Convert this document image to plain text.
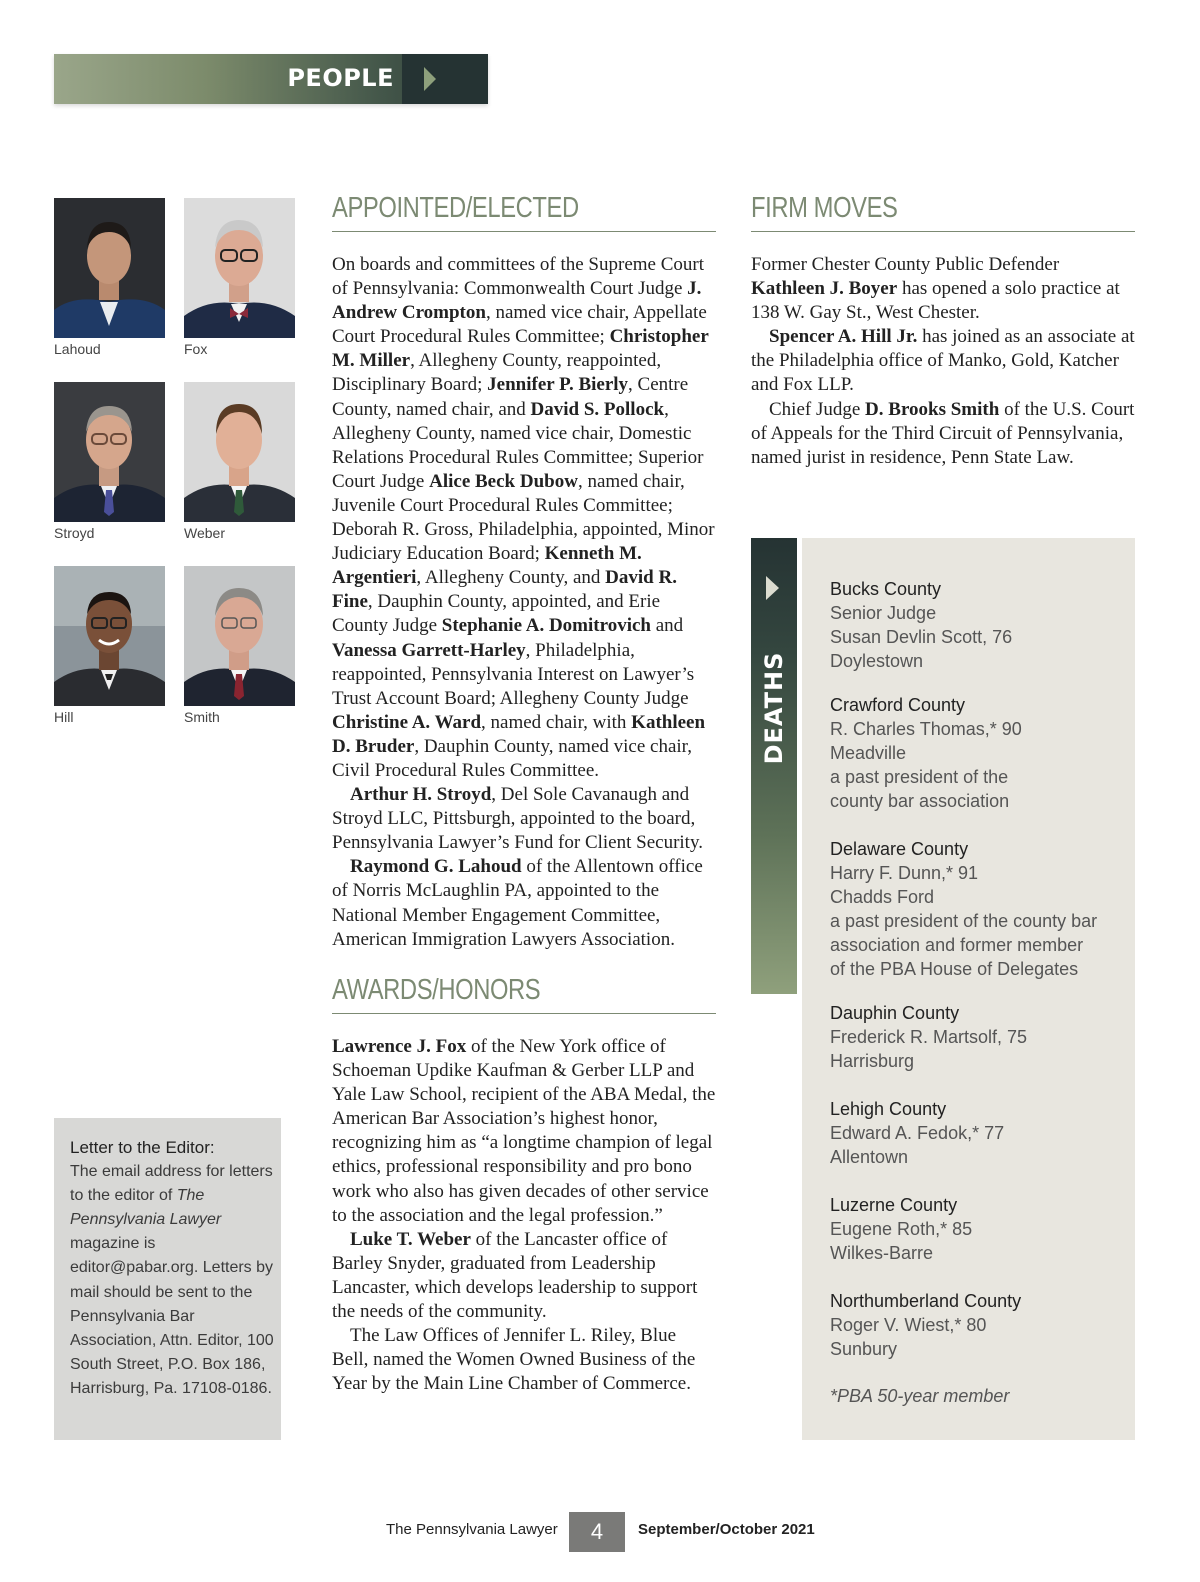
PEOPLE
Lahoud	Fox
Stroyd	Weber
Hill	Smith
APPOINTED/ELECTED

On boards and committees of the Supreme Court of Pennsylvania: Commonwealth Court Judge J. Andrew Crompton, named vice chair, Appellate Court Procedural Rules Committee; Christopher M. Miller, Allegheny County, reappointed, Disciplinary Board; Jennifer P. Bierly, Centre County, named chair, and David S. Pollock, Allegheny County, named vice chair, Domestic Relations Procedural Rules Committee; Superior Court Judge Alice Beck Dubow, named chair, Juvenile Court Procedural Rules Committee; Deborah R. Gross, Philadelphia, appointed, Minor Judiciary Education Board; Kenneth M. Argentieri, Allegheny County, and David R. Fine, Dauphin County, appointed, and Erie County Judge Stephanie A. Domitrovich and Vanessa Garrett-Harley, Philadelphia, reappointed, Pennsylvania Interest on Lawyer’s Trust Account Board; Allegheny County Judge Christine A. Ward, named chair, with Kathleen D. Bruder, Dauphin County, named vice chair, Civil Procedural Rules Committee.

Arthur H. Stroyd, Del Sole Cavanaugh and Stroyd LLC, Pittsburgh, appointed to the board, Pennsylvania Lawyer’s Fund for Client Security.

Raymond G. Lahoud of the Allentown office of Norris McLaughlin PA, appointed to the National Member Engagement Committee, American Immigration Lawyers Association.

AWARDS/HONORS

Lawrence J. Fox of the New York office of Schoeman Updike Kaufman & Gerber LLP and Yale Law School, recipient of the ABA Medal, the American Bar Association’s highest honor, recognizing him as “a longtime champion of legal ethics, professional responsibility and pro bono work who also has given decades of other service to the association and the legal profession.”

Luke T. Weber of the Lancaster office of Barley Snyder, graduated from Leadership Lancaster, which develops leadership to support the needs of the community.

The Law Offices of Jennifer L. Riley, Blue Bell, named the Women Owned Business of the Year by the Main Line Chamber of Commerce.

FIRM MOVES

Former Chester County Public Defender Kathleen J. Boyer has opened a solo practice at 138 W. Gay St., West Chester.

Spencer A. Hill Jr. has joined as an associate at the Philadelphia office of Manko, Gold, Katcher and Fox LLP.

Chief Judge D. Brooks Smith of the U.S. Court of Appeals for the Third Circuit of Pennsylvania, named jurist in residence, Penn State Law.

Letter to the Editor:
The email address for letters to the editor of The Pennsylvania Lawyer magazine is editor@pabar.org. Letters by mail should be sent to the Pennsylvania Bar Association, Attn. Editor, 100 South Street, P.O. Box 186, Harrisburg, Pa. 17108-0186.
DEATHS
Bucks County
Senior Judge
Susan Devlin Scott, 76
Doylestown
Crawford County
R. Charles Thomas,* 90
Meadville
a past president of the
county bar association
Delaware County
Harry F. Dunn,* 91
Chadds Ford
a past president of the county bar
association and former member
of the PBA House of Delegates
Dauphin County
Frederick R. Martsolf, 75
Harrisburg
Lehigh County
Edward A. Fedok,* 77
Allentown
Luzerne County
Eugene Roth,* 85
Wilkes-Barre
Northumberland County
Roger V. Wiest,* 80
Sunbury
*PBA 50-year member
The Pennsylvania Lawyer	4	September/October 2021
